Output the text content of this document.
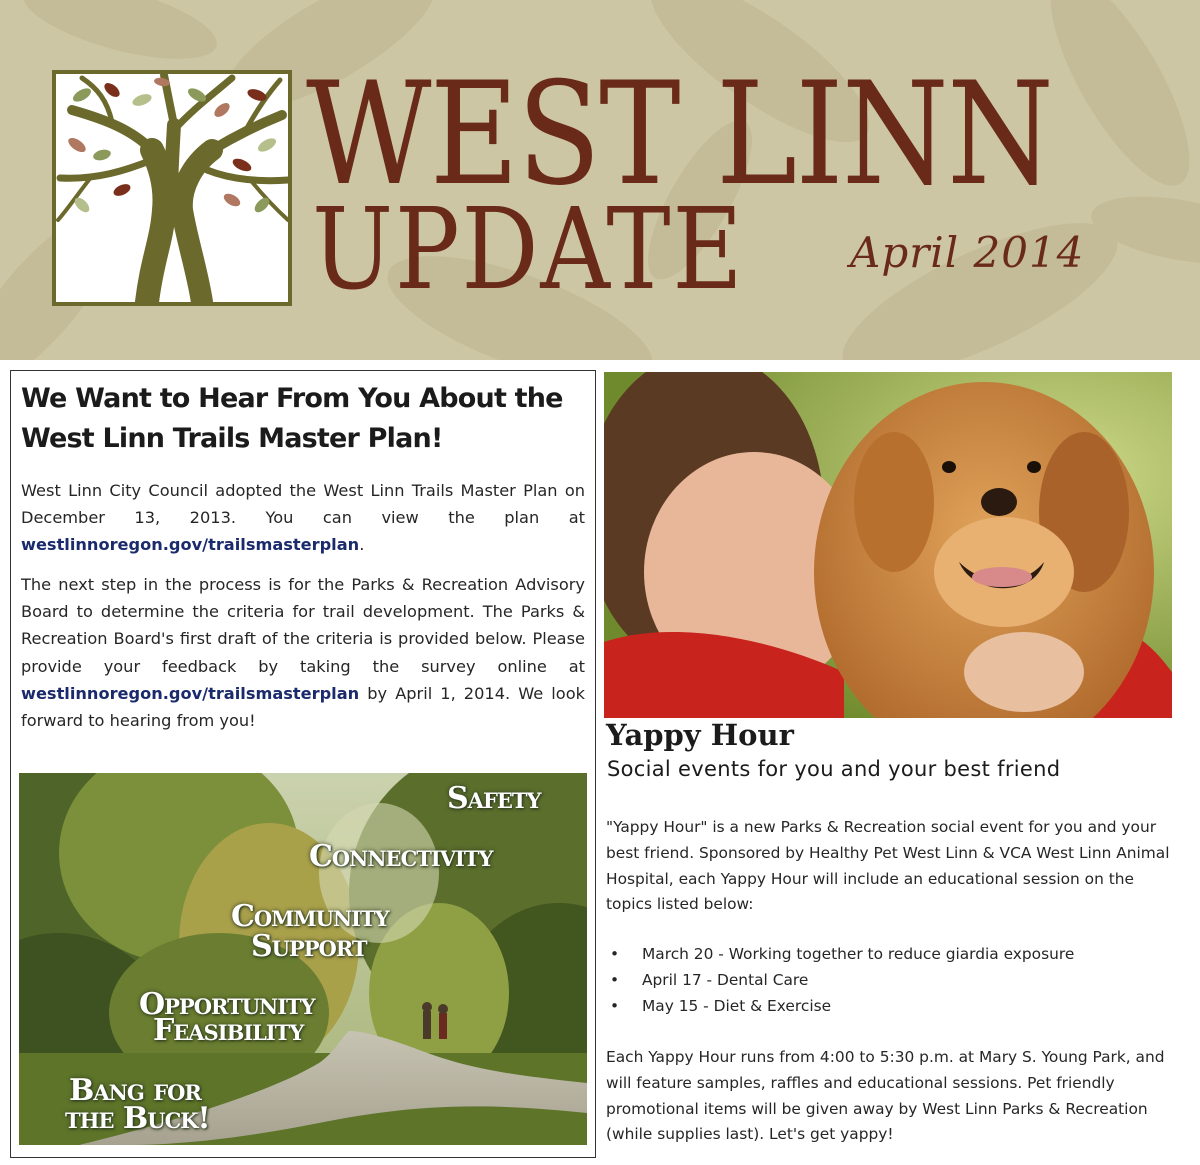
WEST LINN
UPDATE	April 2014
We Want to Hear From You About the West Linn Trails Master Plan!

West Linn City Council adopted the West Linn Trails Master Plan on December 13, 2013. You can view the plan at westlinnoregon.gov/trailsmasterplan.

The next step in the process is for the Parks & Recreation Advisory Board to determine the criteria for trail development. The Parks & Recreation Board's first draft of the criteria is provided below. Please provide your feedback by taking the survey online at westlinnoregon.gov/trailsmasterplan by April 1, 2014. We look forward to hearing from you!

Safety
Connectivity
Community
Support
Opportunity
Feasibility
Bang for
the Buck!
Yappy Hour
Social events for you and your best friend

"Yappy Hour" is a new Parks & Recreation social event for you and your best friend. Sponsored by Healthy Pet West Linn & VCA West Linn Animal Hospital, each Yappy Hour will include an educational session on the topics listed below:

• March 20 - Working together to reduce giardia exposure
• April 17 - Dental Care
• May 15 - Diet & Exercise

Each Yappy Hour runs from 4:00 to 5:30 p.m. at Mary S. Young Park, and will feature samples, raffles and educational sessions. Pet friendly promotional items will be given away by West Linn Parks & Recreation (while supplies last). Let's get yappy!
